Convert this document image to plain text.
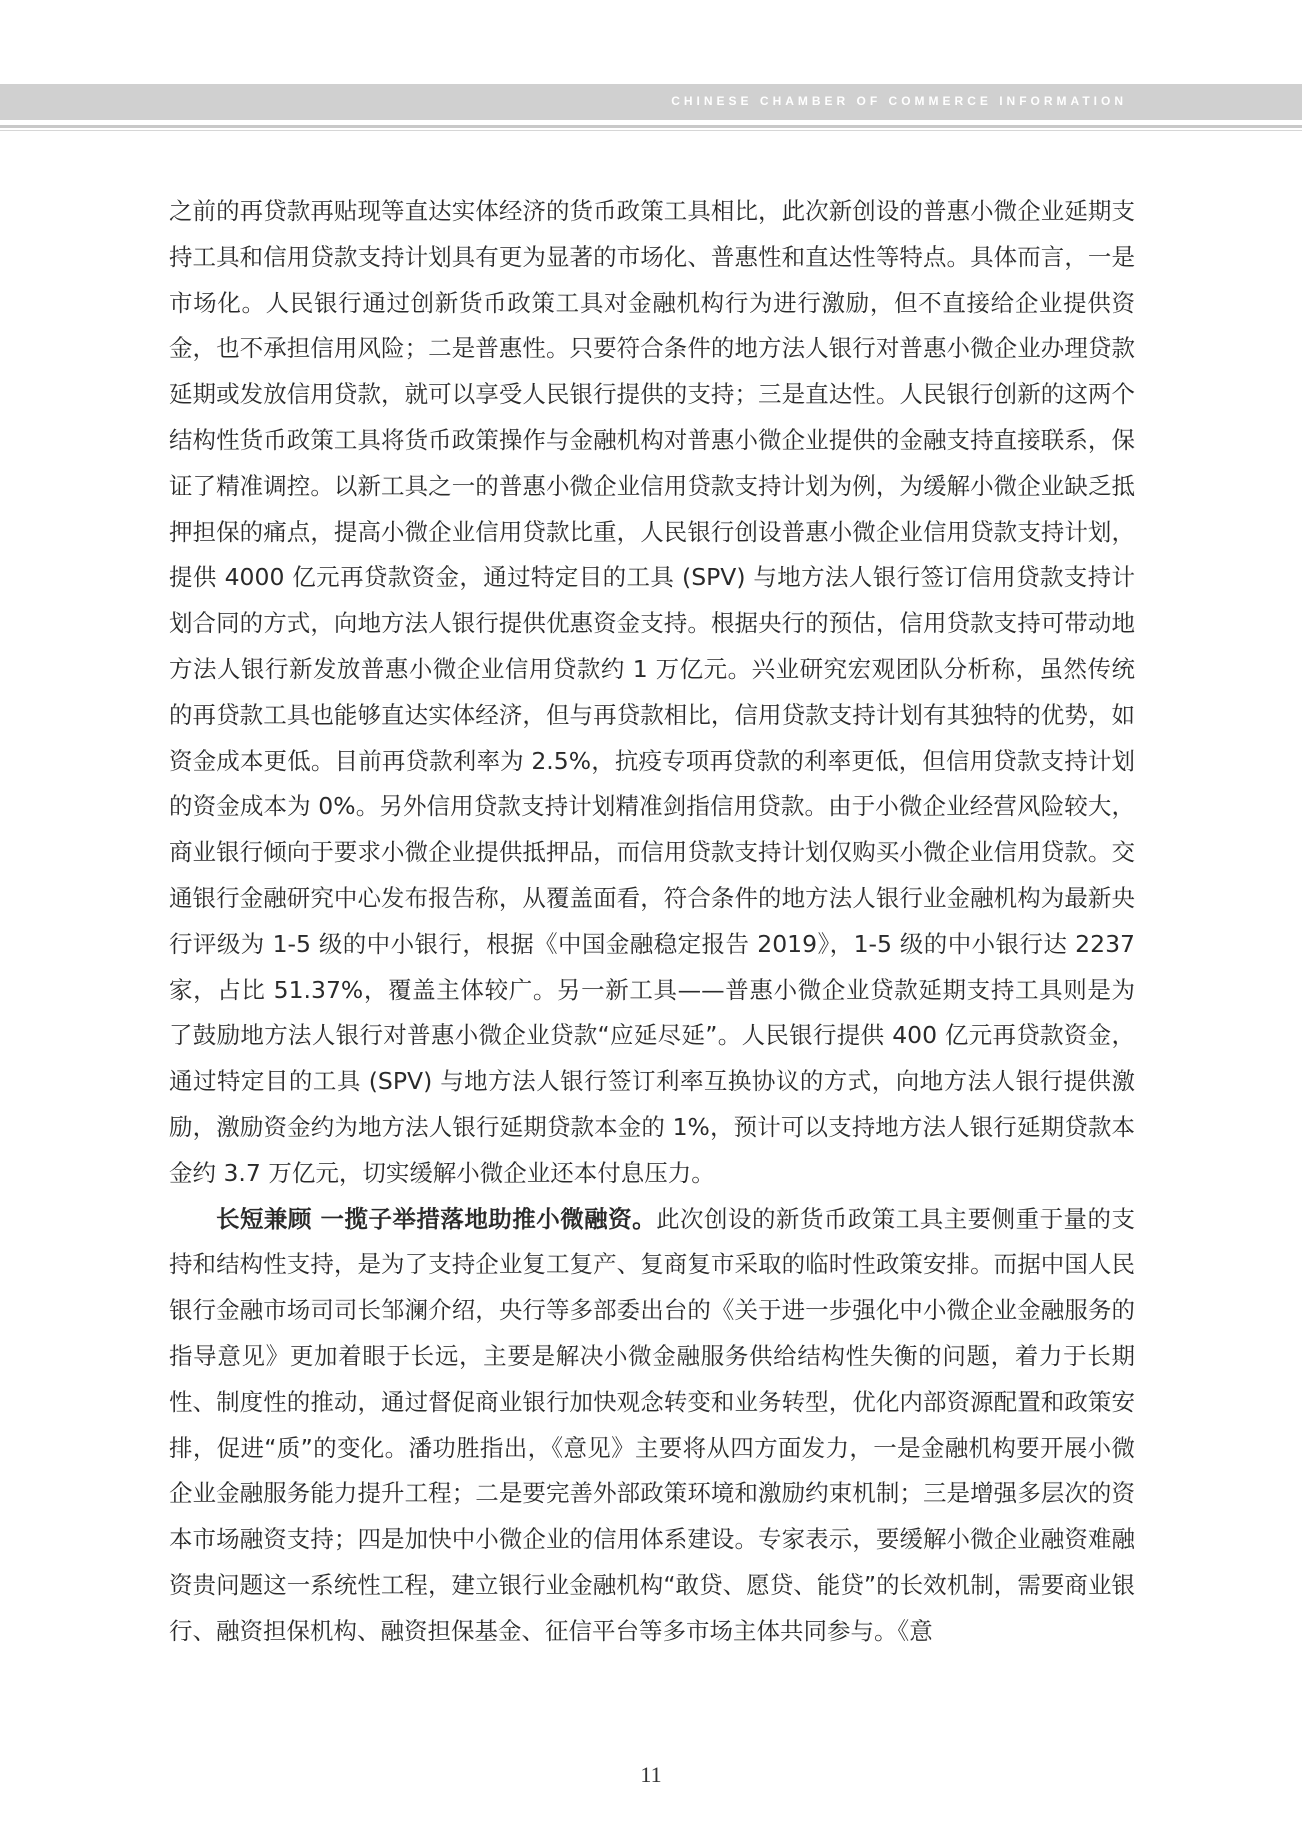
CHINESE CHAMBER OF COMMERCE INFORMATION

之前的再贷款再贴现等直达实体经济的货币政策工具相比，此次新创设的普惠小微企业延期支持工具和信用贷款支持计划具有更为显著的市场化、普惠性和直达性等特点。具体而言，一是市场化。人民银行通过创新货币政策工具对金融机构行为进行激励，但不直接给企业提供资金，也不承担信用风险；二是普惠性。只要符合条件的地方法人银行对普惠小微企业办理贷款延期或发放信用贷款，就可以享受人民银行提供的支持；三是直达性。人民银行创新的这两个结构性货币政策工具将货币政策操作与金融机构对普惠小微企业提供的金融支持直接联系，保证了精准调控。以新工具之一的普惠小微企业信用贷款支持计划为例，为缓解小微企业缺乏抵押担保的痛点，提高小微企业信用贷款比重，人民银行创设普惠小微企业信用贷款支持计划，提供 4000 亿元再贷款资金，通过特定目的工具 (SPV) 与地方法人银行签订信用贷款支持计划合同的方式，向地方法人银行提供优惠资金支持。根据央行的预估，信用贷款支持可带动地方法人银行新发放普惠小微企业信用贷款约 1 万亿元。兴业研究宏观团队分析称，虽然传统的再贷款工具也能够直达实体经济，但与再贷款相比，信用贷款支持计划有其独特的优势，如资金成本更低。目前再贷款利率为 2.5%，抗疫专项再贷款的利率更低，但信用贷款支持计划的资金成本为 0%。另外信用贷款支持计划精准剑指信用贷款。由于小微企业经营风险较大，商业银行倾向于要求小微企业提供抵押品，而信用贷款支持计划仅购买小微企业信用贷款。交通银行金融研究中心发布报告称，从覆盖面看，符合条件的地方法人银行业金融机构为最新央行评级为 1-5 级的中小银行，根据《中国金融稳定报告 2019》，1-5 级的中小银行达 2237 家，占比 51.37%，覆盖主体较广。另一新工具——普惠小微企业贷款延期支持工具则是为了鼓励地方法人银行对普惠小微企业贷款“应延尽延”。人民银行提供 400 亿元再贷款资金，通过特定目的工具 (SPV) 与地方法人银行签订利率互换协议的方式，向地方法人银行提供激励，激励资金约为地方法人银行延期贷款本金的 1%，预计可以支持地方法人银行延期贷款本金约 3.7 万亿元，切实缓解小微企业还本付息压力。

长短兼顾 一揽子举措落地助推小微融资。此次创设的新货币政策工具主要侧重于量的支持和结构性支持，是为了支持企业复工复产、复商复市采取的临时性政策安排。而据中国人民银行金融市场司司长邹澜介绍，央行等多部委出台的《关于进一步强化中小微企业金融服务的指导意见》更加着眼于长远，主要是解决小微金融服务供给结构性失衡的问题，着力于长期性、制度性的推动，通过督促商业银行加快观念转变和业务转型，优化内部资源配置和政策安排，促进“质”的变化。潘功胜指出，《意见》主要将从四方面发力，一是金融机构要开展小微企业金融服务能力提升工程；二是要完善外部政策环境和激励约束机制；三是增强多层次的资本市场融资支持；四是加快中小微企业的信用体系建设。专家表示，要缓解小微企业融资难融资贵问题这一系统性工程，建立银行业金融机构“敢贷、愿贷、能贷”的长效机制，需要商业银行、融资担保机构、融资担保基金、征信平台等多市场主体共同参与。《意

11
